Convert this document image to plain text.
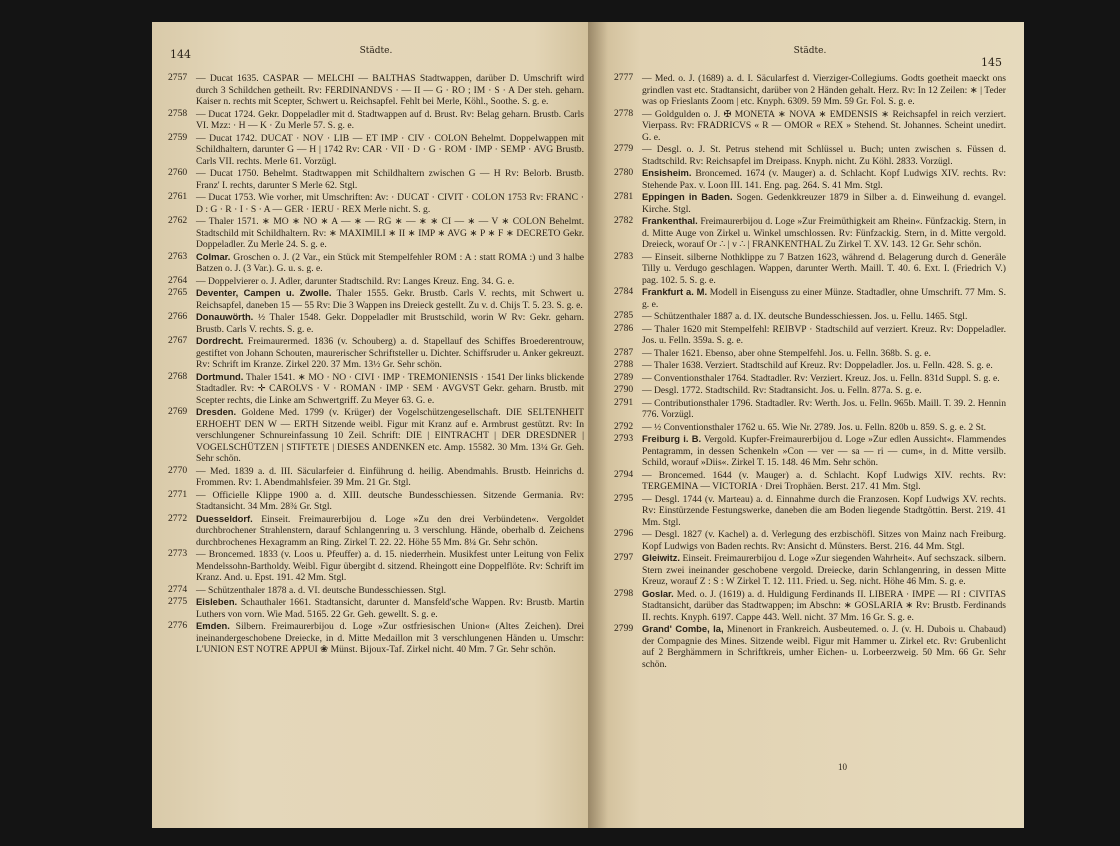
144	Städte.
2757 — Ducat 1635. CASPAR — MELCHI — BALTHAS Stadtwappen, darüber D. Umschrift wird durch 3 Schildchen getheilt. Rv: FERDINANDVS · — II — G · RO ; IM · S · A Der steh. geharn. Kaiser n. rechts mit Scepter, Schwert u. Reichsapfel. Fehlt bei Merle, Köhl., Soothe. S. g. e.
2758 — Ducat 1724. Gekr. Doppeladler mit d. Stadtwappen auf d. Brust. Rv: Belag geharn. Brustb. Carls VI. Mzz: · H — K · Zu Merle 57. S. g. e.
2759 — Ducat 1742. DUCAT · NOV · LIB — ET IMP · CIV · COLON Behelmt. Doppelwappen mit Schildhaltern, darunter G — H | 1742 Rv: CAR · VII · D · G · ROM · IMP · SEMP · AVG Brustb. Carls VII. rechts. Merle 61. Vorzügl.
2760 — Ducat 1750. Behelmt. Stadtwappen mit Schildhaltern zwischen G — H Rv: Belorb. Brustb. Franz' I. rechts, darunter S Merle 62. Stgl.
2761 — Ducat 1753. Wie vorher, mit Umschriften: Av: · DUCAT · CIVIT · COLON 1753 Rv: FRANC · D : G · R · I · S · A — GER · IERU · REX Merle nicht. S. g.
2762 — Thaler 1571. ∗ MO ∗ NO ∗ A — ∗ — RG ∗ — ∗ ∗ CI — ∗ — V ∗ COLON Behelmt. Stadtschild mit Schildhaltern. Rv: ∗ MAXIMILI ∗ II ∗ IMP ∗ AVG ∗ P ∗ F ∗ DECRETO Gekr. Doppeladler. Zu Merle 24. S. g. e.
2763 Colmar. Groschen o. J. (2 Var., ein Stück mit Stempelfehler ROM : A : statt ROMA :) und 3 halbe Batzen o. J. (3 Var.). G. u. s. g. e.
2764 — Doppelvierer o. J. Adler, darunter Stadtschild. Rv: Langes Kreuz. Eng. 34. G. e.
2765 Deventer, Campen u. Zwolle. Thaler 1555. Gekr. Brustb. Carls V. rechts, mit Schwert u. Reichsapfel, daneben 15 — 55 Rv: Die 3 Wappen ins Dreieck gestellt. Zu v. d. Chijs T. 5. 23. S. g. e.
2766 Donauwörth. ½ Thaler 1548. Gekr. Doppeladler mit Brustschild, worin W Rv: Gekr. geharn. Brustb. Carls V. rechts. S. g. e.
2767 Dordrecht. Freimaurermed. 1836 (v. Schouberg) a. d. Stapellauf des Schiffes Broederentrouw, gestiftet von Johann Schouten, maurerischer Schriftsteller u. Dichter. Schiffsruder u. Anker gekreuzt. Rv: Schrift im Kranze. Zirkel 220. 37 Mm. 13½ Gr. Sehr schön.
2768 Dortmund. Thaler 1541. ∗ MO · NO · CIVI · IMP · TREMONIENSIS · 1541 Der links blickende Stadtadler. Rv: ✛ CAROLVS · V · ROMAN · IMP · SEM · AVGVST Gekr. geharn. Brustb. mit Scepter rechts, die Linke am Schwertgriff. Zu Meyer 63. G. e.
2769 Dresden. Goldene Med. 1799 (v. Krüger) der Vogelschützengesellschaft. DIE SELTENHEIT ERHOEHT DEN W — ERTH Sitzende weibl. Figur mit Kranz auf e. Armbrust gestützt. Rv: In verschlungener Schnureinfassung 10 Zeil. Schrift: DIE | EINTRACHT | DER DRESDNER | VOGELSCHÜTZEN | STIFTETE | DIESES ANDENKEN etc. Amp. 15582. 30 Mm. 13¼ Gr. Geh. Sehr schön.
2770 — Med. 1839 a. d. III. Säcularfeier d. Einführung d. heilig. Abendmahls. Brustb. Heinrichs d. Frommen. Rv: 1. Abendmahlsfeier. 39 Mm. 21 Gr. Stgl.
2771 — Officielle Klippe 1900 a. d. XIII. deutsche Bundesschiessen. Sitzende Germania. Rv: Stadtansicht. 34 Mm. 28¾ Gr. Stgl.
2772 Duesseldorf. Einseit. Freimaurerbijou d. Loge »Zu den drei Verbündeten«. Vergoldet durchbrochener Strahlenstern, darauf Schlangenring u. 3 verschlung. Hände, oberhalb d. Zeichens durchbrochenes Hexagramm an Ring. Zirkel T. 22. 22. Höhe 55 Mm. 8¼ Gr. Sehr schön.
2773 — Broncemed. 1833 (v. Loos u. Pfeuffer) a. d. 15. niederrhein. Musikfest unter Leitung von Felix Mendelssohn-Bartholdy. Weibl. Figur übergibt d. sitzend. Rheingott eine Doppelflöte. Rv: Schrift im Kranz. And. u. Epst. 191. 42 Mm. Stgl.
2774 — Schützenthaler 1878 a. d. VI. deutsche Bundesschiessen. Stgl.
2775 Eisleben. Schauthaler 1661. Stadtansicht, darunter d. Mansfeld'sche Wappen. Rv: Brustb. Martin Luthers von vorn. Wie Mad. 5165. 22 Gr. Geh. gewellt. S. g. e.
2776 Emden. Silbern. Freimaurerbijou d. Loge »Zur ostfriesischen Union« (Altes Zeichen). Drei ineinandergeschobene Dreiecke, in d. Mitte Medaillon mit 3 verschlungenen Händen u. Umschr: L'UNION EST NOTRE APPUI ❀ Münst. Bijoux-Taf. Zirkel nicht. 40 Mm. 7 Gr. Sehr schön.
Städte.
145
2777 — Med. o. J. (1689) a. d. I. Säcularfest d. Vierziger-Collegiums. Godts goetheit maeckt ons grindlen vast etc. Stadtansicht, darüber von 2 Händen gehalt. Herz. Rv: In 12 Zeilen: ∗ | Teder was op Frieslants Zoom | etc. Knyph. 6309. 59 Mm. 59 Gr. Fol. S. g. e.
2778 — Goldgulden o. J. ✠ MONETA ∗ NOVA ∗ EMDENSIS ∗ Reichsapfel in reich verziert. Vierpass. Rv: FRADRICVS « R — OMOR « REX » Stehend. St. Johannes. Scheint unedirt. G. e.
2779 — Desgl. o. J. St. Petrus stehend mit Schlüssel u. Buch; unten zwischen s. Füssen d. Stadtschild. Rv: Reichsapfel im Dreipass. Knyph. nicht. Zu Köhl. 2833. Vorzügl.
2780 Ensisheim. Broncemed. 1674 (v. Mauger) a. d. Schlacht. Kopf Ludwigs XIV. rechts. Rv: Stehende Pax. v. Loon III. 141. Eng. pag. 264. S. 41 Mm. Stgl.
2781 Eppingen in Baden. Sogen. Gedenkkreuzer 1879 in Silber a. d. Einweihung d. evangel. Kirche. Stgl.
2782 Frankenthal. Freimaurerbijou d. Loge »Zur Freimüthigkeit am Rhein«. Fünfzackig. Stern, in d. Mitte Auge von Zirkel u. Winkel umschlossen. Rv: Fünfzackig. Stern, in d. Mitte vergold. Dreieck, worauf Or ∴ | v ∴ | FRANKENTHAL Zu Zirkel T. XV. 143. 12 Gr. Sehr schön.
2783 — Einseit. silberne Nothklippe zu 7 Batzen 1623, während d. Belagerung durch d. Generäle Tilly u. Verdugo geschlagen. Wappen, darunter Werth. Maill. T. 40. 6. Ext. I. (Friedrich V.) pag. 102. 5. S. g. e.
2784 Frankfurt a. M. Modell in Eisenguss zu einer Münze. Stadtadler, ohne Umschrift. 77 Mm. S. g. e.
2785 — Schützenthaler 1887 a. d. IX. deutsche Bundesschiessen. Jos. u. Fellu. 1465. Stgl.
2786 — Thaler 1620 mit Stempelfehl: REIBVP · Stadtschild auf verziert. Kreuz. Rv: Doppeladler. Jos. u. Felln. 359a. S. g. e.
2787 — Thaler 1621. Ebenso, aber ohne Stempelfehl. Jos. u. Felln. 368b. S. g. e.
2788 — Thaler 1638. Verziert. Stadtschild auf Kreuz. Rv: Doppeladler. Jos. u. Felln. 428. S. g. e.
2789 — Conventionsthaler 1764. Stadtadler. Rv: Verziert. Kreuz. Jos. u. Felln. 831d Suppl. S. g. e.
2790 — Desgl. 1772. Stadtschild. Rv: Stadtansicht. Jos. u. Felln. 877a. S. g. e.
2791 — Contributionsthaler 1796. Stadtadler. Rv: Werth. Jos. u. Felln. 965b. Maill. T. 39. 2. Hennin 776. Vorzügl.
2792 — ½ Conventionsthaler 1762 u. 65. Wie Nr. 2789. Jos. u. Felln. 820b u. 859. S. g. e. 2 St.
2793 Freiburg i. B. Vergold. Kupfer-Freimaurerbijou d. Loge »Zur edlen Aussicht«. Flammendes Pentagramm, in dessen Schenkeln »Con — ver — sa — ri — cum«, in d. Mitte versilb. Schild, worauf »Diis«. Zirkel T. 15. 148. 46 Mm. Sehr schön.
2794 — Broncemed. 1644 (v. Mauger) a. d. Schlacht. Kopf Ludwigs XIV. rechts. Rv: TERGEMINA — VICTORIA · Drei Trophäen. Berst. 217. 41 Mm. Stgl.
2795 — Desgl. 1744 (v. Marteau) a. d. Einnahme durch die Franzosen. Kopf Ludwigs XV. rechts. Rv: Einstürzende Festungswerke, daneben die am Boden liegende Stadtgöttin. Berst. 219. 41 Mm. Stgl.
2796 — Desgl. 1827 (v. Kachel) a. d. Verlegung des erzbischöfl. Sitzes von Mainz nach Freiburg. Kopf Ludwigs von Baden rechts. Rv: Ansicht d. Münsters. Berst. 216. 44 Mm. Stgl.
2797 Gleiwitz. Einseit. Freimaurerbijou d. Loge »Zur siegenden Wahrheit«. Auf sechszack. silbern. Stern zwei ineinander geschobene vergold. Dreiecke, darin Schlangenring, in dessen Mitte Kreuz, worauf Z : S : W Zirkel T. 12. 111. Fried. u. Seg. nicht. Höhe 46 Mm. S. g. e.
2798 Goslar. Med. o. J. (1619) a. d. Huldigung Ferdinands II. LIBERA · IMPE — RI : CIVITAS Stadtansicht, darüber das Stadtwappen; im Abschn: ∗ GOSLARIA ∗ Rv: Brustb. Ferdinands II. rechts. Knyph. 6197. Cappe 443. Well. nicht. 37 Mm. 16 Gr. S. g. e.
2799 Grand' Combe, la, Minenort in Frankreich. Ausbeutemed. o. J. (v. H. Dubois u. Chabaud) der Compagnie des Mines. Sitzende weibl. Figur mit Hammer u. Zirkel etc. Rv: Grubenlicht auf 2 Berghämmern in Schriftkreis, umher Eichen- u. Lorbeerzweig. 50 Mm. 66 Gr. Sehr schön.
10
